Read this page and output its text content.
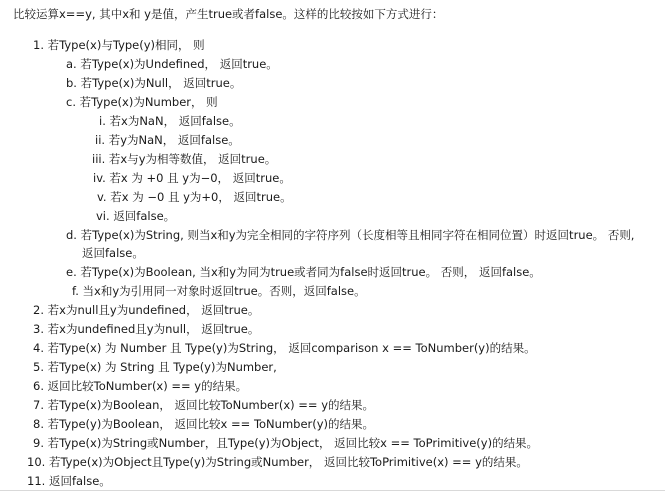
比较运算x==y, 其中x和 y是值，产生true或者false。这样的比较按如下方式进行：
1. 若Type(x)与Type(y)相同， 则
a. 若Type(x)为Undefined， 返回true。
b. 若Type(x)为Null， 返回true。
c. 若Type(x)为Number， 则
i. 若x为NaN， 返回false。
ii. 若y为NaN， 返回false。
iii. 若x与y为相等数值， 返回true。
iv. 若x 为 +0 且 y为−0， 返回true。
v. 若x 为 −0 且 y为+0， 返回true。
vi. 返回false。
d. 若Type(x)为String, 则当x和y为完全相同的字符序列（长度相等且相同字符在相同位置）时返回true。 否则,
返回false。
e. 若Type(x)为Boolean, 当x和y为同为true或者同为false时返回true。 否则， 返回false。
f. 当x和y为引用同一对象时返回true。否则，返回false。
2. 若x为null且y为undefined， 返回true。
3. 若x为undefined且y为null， 返回true。
4. 若Type(x) 为 Number 且 Type(y)为String， 返回comparison x == ToNumber(y)的结果。
5. 若Type(x) 为 String 且 Type(y)为Number,
6. 返回比较ToNumber(x) == y的结果。
7. 若Type(x)为Boolean， 返回比较ToNumber(x) == y的结果。
8. 若Type(y)为Boolean， 返回比较x == ToNumber(y)的结果。
9. 若Type(x)为String或Number，且Type(y)为Object， 返回比较x == ToPrimitive(y)的结果。
10. 若Type(x)为Object且Type(y)为String或Number， 返回比较ToPrimitive(x) == y的结果。
11. 返回false。
